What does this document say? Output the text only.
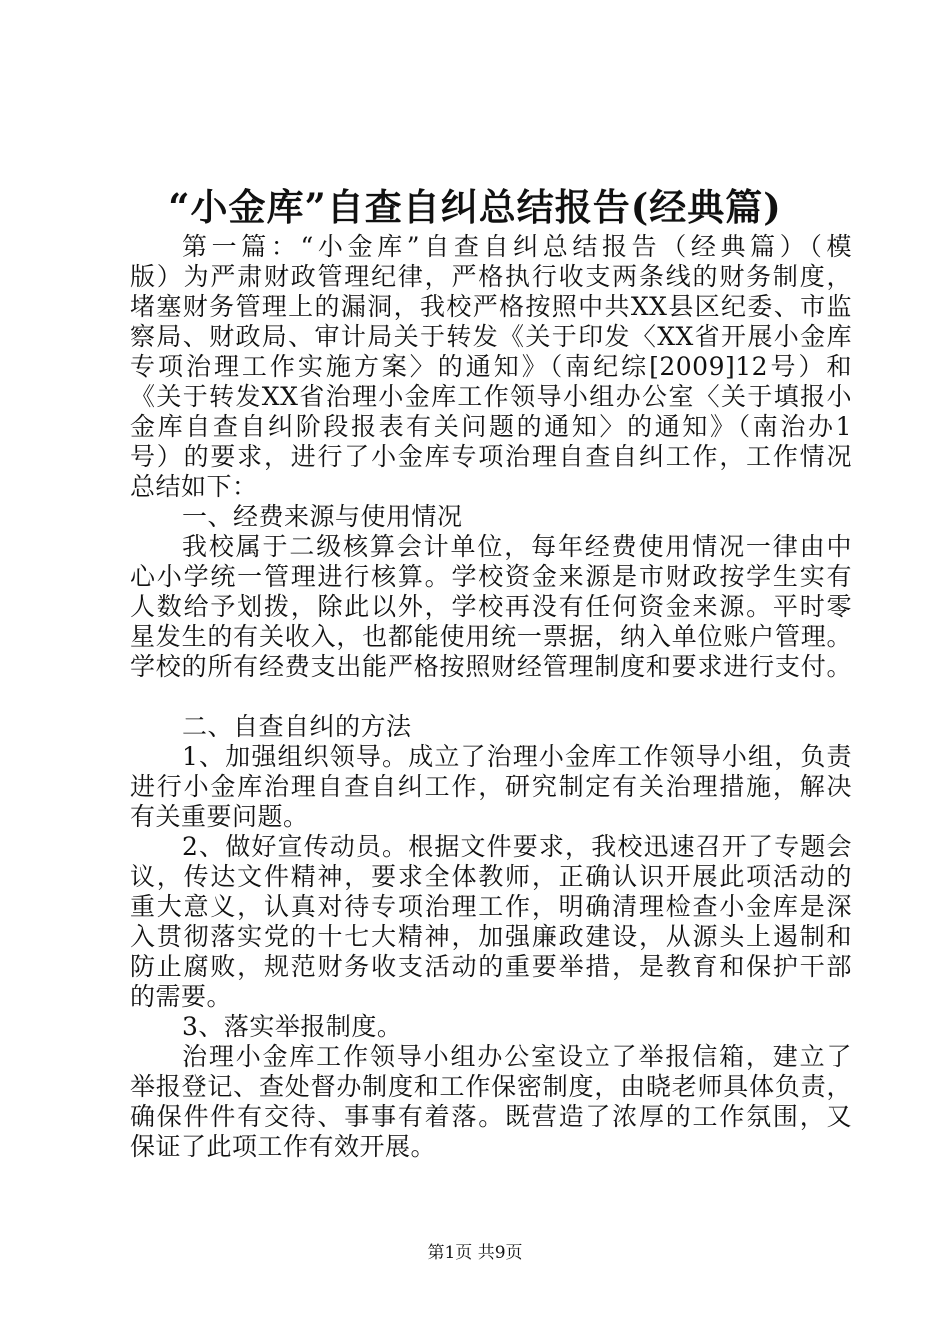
“小金库”自查自纠总结报告(经典篇)
第一篇：“小金库”自查自纠总结报告（经典篇）（模
版）为严肃财政管理纪律，严格执行收支两条线的财务制度，
堵塞财务管理上的漏洞，我校严格按照中共XX县区纪委、市监
察局、财政局、审计局关于转发《关于印发〈XX省开展小金库
专项治理工作实施方案〉的通知》（南纪综[2009]12号）和
《关于转发XX省治理小金库工作领导小组办公室〈关于填报小
金库自查自纠阶段报表有关问题的通知〉的通知》（南治办1
号）的要求，进行了小金库专项治理自查自纠工作，工作情况
总结如下：
一、经费来源与使用情况
我校属于二级核算会计单位，每年经费使用情况一律由中
心小学统一管理进行核算。学校资金来源是市财政按学生实有
人数给予划拨，除此以外，学校再没有任何资金来源。平时零
星发生的有关收入，也都能使用统一票据，纳入单位账户管理。
学校的所有经费支出能严格按照财经管理制度和要求进行支付。
二、自查自纠的方法
1、加强组织领导。成立了治理小金库工作领导小组，负责
进行小金库治理自查自纠工作，研究制定有关治理措施，解决
有关重要问题。
2、做好宣传动员。根据文件要求，我校迅速召开了专题会
议，传达文件精神，要求全体教师，正确认识开展此项活动的
重大意义，认真对待专项治理工作，明确清理检查小金库是深
入贯彻落实党的十七大精神，加强廉政建设，从源头上遏制和
防止腐败，规范财务收支活动的重要举措，是教育和保护干部
的需要。
3、落实举报制度。
治理小金库工作领导小组办公室设立了举报信箱，建立了
举报登记、查处督办制度和工作保密制度，由晓老师具体负责，
确保件件有交待、事事有着落。既营造了浓厚的工作氛围，又
保证了此项工作有效开展。
第1页 共9页
